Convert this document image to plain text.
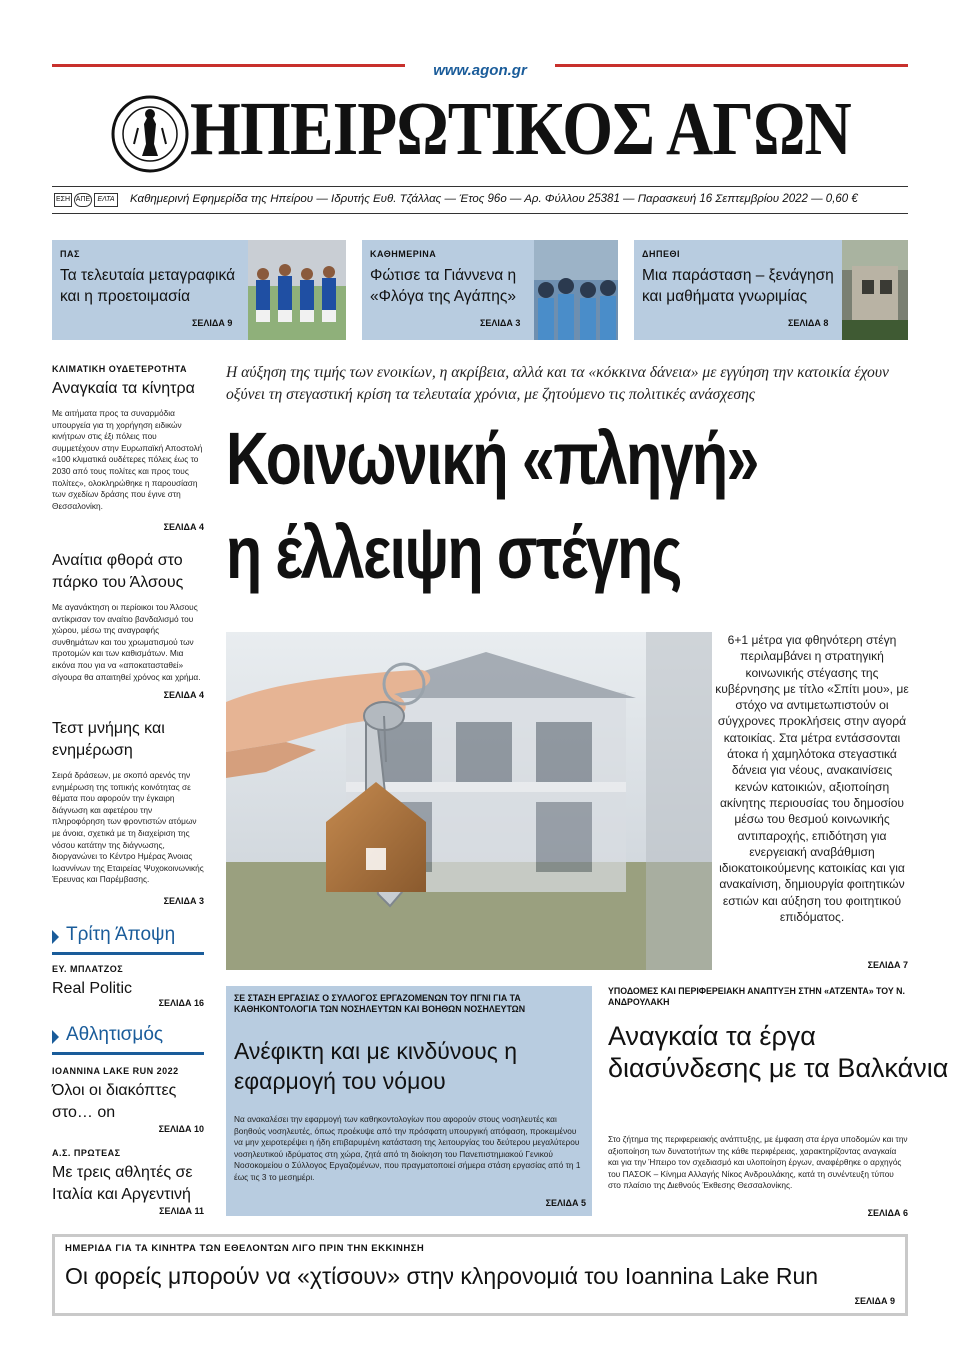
www.agon.gr
ΗΠΕΙΡΩΤΙΚΟΣ ΑΓΩΝ
ΕΣΗ ΑΠΕ	ΕΛΤΑ	Καθημερινή Εφημερίδα της Ηπείρου — Ιδρυτής Ευθ. Τζάλλας — Έτος 96ο — Αρ. Φύλλου 25381 — Παρασκευή 16 Σεπτεμβρίου 2022 — 0,60 €
ΠΑΣ
Τα τελευταία μεταγραφικά και η προετοιμασία
ΣΕΛΙΔΑ 9
ΚΑΘΗΜΕΡΙΝΑ
Φώτισε τα Γιάννενα η «Φλόγα της Αγάπης»
ΣΕΛΙΔΑ 3
ΔΗΠΕΘΙ
Μια παράσταση – ξενάγηση και μαθήματα γνωριμίας
ΣΕΛΙΔΑ 8
ΚΛΙΜΑΤΙΚΗ ΟΥΔΕΤΕΡΟΤΗΤΑ
Αναγκαία τα κίνητρα
Με αιτήματα προς τα συναρμόδια υπουργεία για τη χορήγηση ειδικών κινήτρων στις έξι πόλεις που συμμετέχουν στην Ευρωπαϊκή Αποστολή «100 κλιματικά ουδέτερες πόλεις έως το 2030 από τους πολίτες και προς τους πολίτες», ολοκληρώθηκε η παρουσίαση των σχεδίων δράσης που έγινε στη Θεσσαλονίκη.
ΣΕΛΙΔΑ 4
Αναίτια φθορά στο πάρκο του Άλσους
Με αγανάκτηση οι περίοικοι του Άλσους αντίκρισαν τον αναίτιο βανδαλισμό του χώρου, μέσω της αναγραφής συνθημάτων και του χρωματισμού των προτομών και των καθισμάτων. Μια εικόνα που για να «αποκατασταθεί» σίγουρα θα απαιτηθεί χρόνος και χρήμα.
ΣΕΛΙΔΑ 4
Τεστ μνήμης και ενημέρωση
Σειρά δράσεων, με σκοπό αρενός την ενημέρωση της τοπικής κοινότητας σε θέματα που αφορούν την έγκαιρη διάγνωση και αφετέρου την πληροφόρηση των φροντιστών ατόμων με άνοια, σχετικά με τη διαχείριση της νόσου κατάτην της διάγνωσης, διοργανώνει το Κέντρο Ημέρας Άνοιας Ιωαννίνων της Εταιρείας Ψυχοκοινωνικής Έρευνας και Παρέμβασης.
ΣΕΛΙΔΑ 3
Τρίτη Άποψη
ΕΥ. ΜΠΛΑΤΖΟΣ
Real Politic
ΣΕΛΙΔΑ 16
Αθλητισμός
IOANNINA LAKE RUN 2022
Όλοι οι διακόπτες στο… on
ΣΕΛΙΔΑ 10
Α.Σ. ΠΡΩΤΕΑΣ
Με τρεις αθλητές σε Ιταλία και Αργεντινή
ΣΕΛΙΔΑ 11
Η αύξηση της τιμής των ενοικίων, η ακρίβεια, αλλά και τα «κόκκινα δάνεια» με εγγύηση την κατοικία έχουν οξύνει τη στεγαστική κρίση τα τελευταία χρόνια, με ζητούμενο τις πολιτικές ανάσχεσης
Κοινωνική «πληγή»
η έλλειψη στέγης
6+1 μέτρα για φθηνότερη στέγη περιλαμβάνει η στρατηγική κοινωνικής στέγασης της κυβέρνησης με τίτλο «Σπίτι μου», με στόχο να αντιμετωπιστούν οι σύγχρονες προκλήσεις στην αγορά κατοικίας. Στα μέτρα εντάσσονται άτοκα ή χαμηλότοκα στεγαστικά δάνεια για νέους, ανακαινίσεις κενών κατοικιών, αξιοποίηση ακίνητης περιουσίας του δημοσίου μέσω του θεσμού κοινωνικής αντιπαροχής, επιδότηση για ενεργειακή αναβάθμιση ιδιοκατοικούμενης κατοικίας και για ανακαίνιση, δημιουργία φοιτητικών εστιών και αύξηση του φοιτητικού επιδόματος.
ΣΕΛΙΔΑ 7
ΣΕ ΣΤΑΣΗ ΕΡΓΑΣΙΑΣ Ο ΣΥΛΛΟΓΟΣ ΕΡΓΑΖΟΜΕΝΩΝ ΤΟΥ ΠΓΝΙ ΓΙΑ ΤΑ ΚΑΘΗΚΟΝΤΟΛΟΓΙΑ ΤΩΝ ΝΟΣΗΛΕΥΤΩΝ ΚΑΙ ΒΟΗΘΩΝ ΝΟΣΗΛΕΥΤΩΝ
Ανέφικτη και με κινδύνους η εφαρμογή του νόμου
Να ανακαλέσει την εφαρμογή των καθηκοντολογίων που αφορούν στους νοσηλευτές και βοηθούς νοσηλευτές, όπως προέκυψε από την πρόσφατη υπουργική απόφαση, προκειμένου να μην χειροτερέψει η ήδη επιβαρυμένη κατάσταση της λειτουργίας του δεύτερου μεγαλύτερου νοσηλευτικού ιδρύματος στη χώρα, ζητά από τη διοίκηση του Πανεπιστημιακού Γενικού Νοσοκομείου ο Σύλλογος Εργαζομένων, που πραγματοποιεί σήμερα στάση εργασίας από τη 1 έως τις 3 το μεσημέρι.
ΣΕΛΙΔΑ 5
ΥΠΟΔΟΜΕΣ ΚΑΙ ΠΕΡΙΦΕΡΕΙΑΚΗ ΑΝΑΠΤΥΞΗ ΣΤΗΝ «ΑΤΖΕΝΤΑ» ΤΟΥ Ν. ΑΝΔΡΟΥΛΑΚΗ
Αναγκαία τα έργα διασύνδεσης με τα Βαλκάνια
Στο ζήτημα της περιφερειακής ανάπτυξης, με έμφαση στα έργα υποδομών και την αξιοποίηση των δυνατοτήτων της κάθε περιφέρειας, χαρακτηρίζοντας αναγκαία και για την Ήπειρο τον σχεδιασμό και υλοποίηση έργων, αναφέρθηκε ο αρχηγός του ΠΑΣΟΚ – Κίνημα Αλλαγής Νίκος Ανδρουλάκης, κατά τη συνέντευξη τύπου στο πλαίσιο της Διεθνούς Έκθεσης Θεσσαλονίκης.
ΣΕΛΙΔΑ 6
ΗΜΕΡΙΔΑ ΓΙΑ ΤΑ ΚΙΝΗΤΡΑ ΤΩΝ ΕΘΕΛΟΝΤΩΝ ΛΙΓΟ ΠΡΙΝ ΤΗΝ ΕΚΚΙΝΗΣΗ
Οι φορείς μπορούν να «χτίσουν» στην κληρονομιά του Ioannina Lake Run
ΣΕΛΙΔΑ 9
